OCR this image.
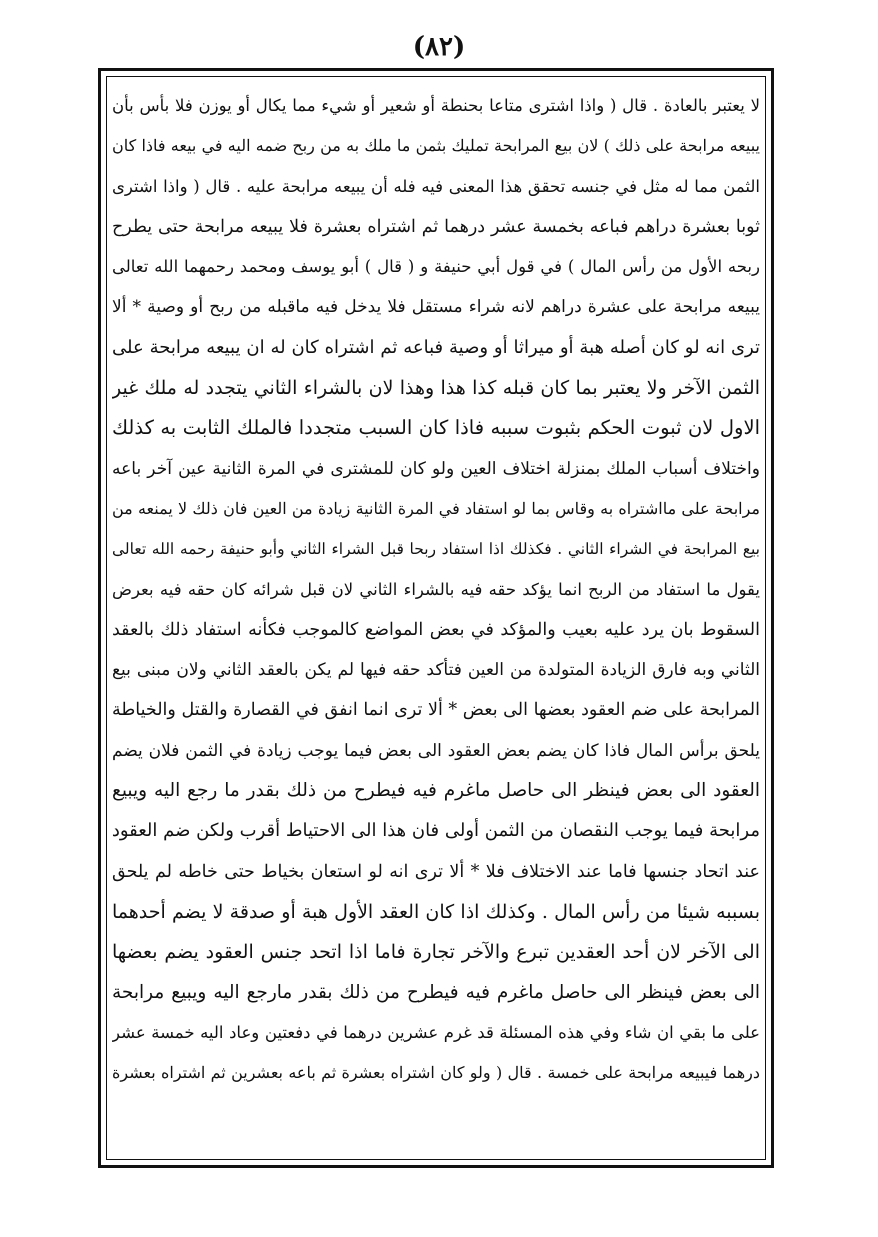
(٨٢)
لا يعتبر بالعادة . قال ( واذا اشترى متاعا بحنطة أو شعير أو شيء مما يكال أو يوزن فلا بأس بأن
يبيعه مرابحة على ذلك ) لان بيع المرابحة تمليك بثمن ما ملك به من ربح ضمه اليه في بيعه فاذا كان
الثمن مما له مثل في جنسه تحقق هذا المعنى فيه فله أن يبيعه مرابحة عليه . قال ( واذا اشترى
ثوبا بعشرة دراهم فباعه بخمسة عشر درهما ثم اشتراه بعشرة فلا يبيعه مرابحة حتى يطرح
ربحه الأول من رأس المال ) في قول أبي حنيفة و ( قال ) أبو يوسف ومحمد رحمهما الله تعالى
يبيعه مرابحة على عشرة دراهم لانه شراء مستقل فلا يدخل فيه ماقبله من ربح أو وصية * ألا
ترى انه لو كان أصله هبة أو ميراثا أو وصية فباعه ثم اشتراه كان له ان يبيعه مرابحة على
الثمن الآخر ولا يعتبر بما كان قبله كذا هذا وهذا لان بالشراء الثاني يتجدد له ملك غير
الاول لان ثبوت الحكم بثبوت سببه فاذا كان السبب متجددا فالملك الثابت به كذلك
واختلاف أسباب الملك بمنزلة اختلاف العين ولو كان للمشترى في المرة الثانية عين آخر باعه
مرابحة على مااشتراه به وقاس بما لو استفاد في المرة الثانية زيادة من العين فان ذلك لا يمنعه من
بيع المرابحة في الشراء الثاني . فكذلك اذا استفاد ربحا قبل الشراء الثاني وأبو حنيفة رحمه الله تعالى
يقول ما استفاد من الربح انما يؤكد حقه فيه بالشراء الثاني لان قبل شرائه كان حقه فيه بعرض
السقوط بان يرد عليه بعيب والمؤكد في بعض المواضع كالموجب فكأنه استفاد ذلك بالعقد
الثاني وبه فارق الزيادة المتولدة من العين فتأكد حقه فيها لم يكن بالعقد الثاني ولان مبنى بيع
المرابحة على ضم العقود بعضها الى بعض * ألا ترى انما انفق في القصارة والقتل والخياطة
يلحق برأس المال فاذا كان يضم بعض العقود الى بعض فيما يوجب زيادة في الثمن فلان يضم
العقود الى بعض فينظر الى حاصل ماغرم فيه فيطرح من ذلك بقدر ما رجع اليه ويبيع
مرابحة فيما يوجب النقصان من الثمن أولى فان هذا الى الاحتياط أقرب ولكن ضم العقود
عند اتحاد جنسها فاما عند الاختلاف فلا * ألا ترى انه لو استعان بخياط حتى خاطه لم يلحق
بسببه شيئا من رأس المال . وكذلك اذا كان العقد الأول هبة أو صدقة لا يضم أحدهما
الى الآخر لان أحد العقدين تبرع والآخر تجارة فاما اذا اتحد جنس العقود يضم بعضها
الى بعض فينظر الى حاصل ماغرم فيه فيطرح من ذلك بقدر مارجع اليه ويبيع مرابحة
على ما بقي ان شاء وفي هذه المسئلة قد غرم عشرين درهما في دفعتين وعاد اليه خمسة عشر
درهما فيبيعه مرابحة على خمسة . قال ( ولو كان اشتراه بعشرة ثم باعه بعشرين ثم اشتراه بعشرة
